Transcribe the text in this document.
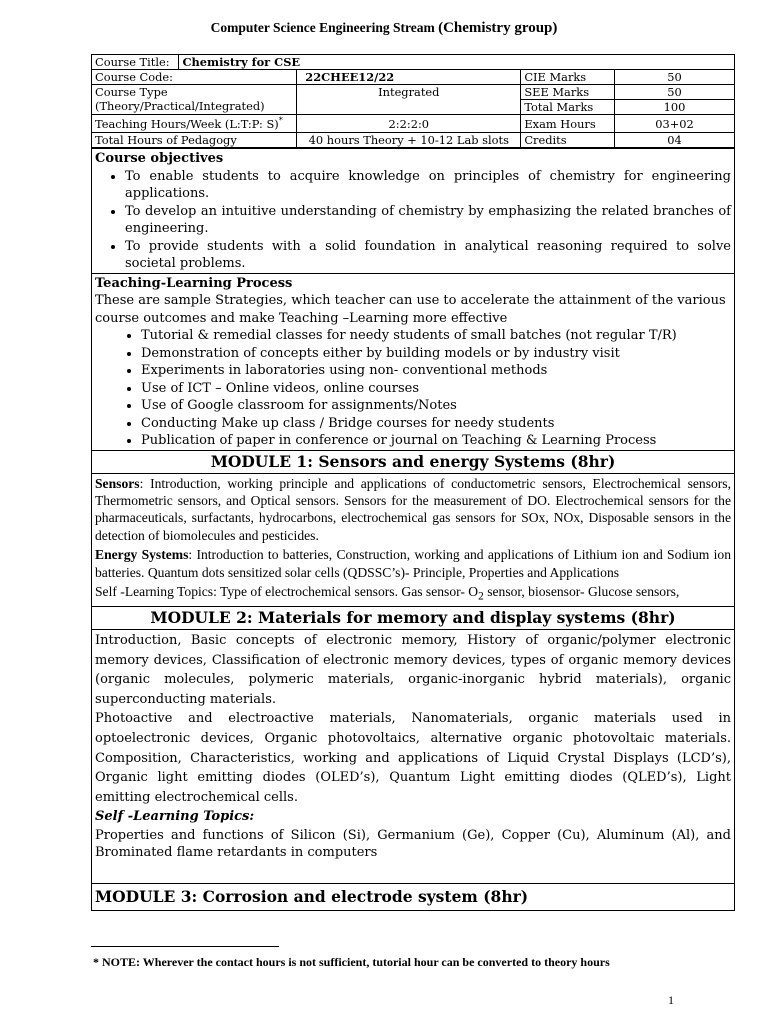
Computer Science Engineering Stream (Chemistry group)
Course Title:	Chemistry for CSE			
Course Code:		22CHEE12/22	CIE Marks	50

Course Type
(Theory/Practical/Integrated)		Integrated	SEE Marks	50
			Total Marks	100
Teaching Hours/Week (L:T:P: S)*		2:2:2:0	Exam Hours	03+02
Total Hours of Pedagogy		40 hours Theory + 10-12 Lab slots	Credits	04
Course objectives
• To enable students to acquire knowledge on principles of chemistry for engineering applications.
• To develop an intuitive understanding of chemistry by emphasizing the related branches of engineering.
• To provide students with a solid foundation in analytical reasoning required to solve societal problems.
Teaching-Learning Process
These are sample Strategies, which teacher can use to accelerate the attainment of the various course outcomes and make Teaching –Learning more effective
• Tutorial & remedial classes for needy students of small batches (not regular T/R)
• Demonstration of concepts either by building models or by industry visit
• Experiments in laboratories using non- conventional methods
• Use of ICT – Online videos, online courses
• Use of Google classroom for assignments/Notes
• Conducting Make up class / Bridge courses for needy students
• Publication of paper in conference or journal on Teaching & Learning Process
MODULE 1: Sensors and energy Systems (8hr)

Sensors: Introduction, working principle and applications of conductometric sensors, Electrochemical sensors, Thermometric sensors, and Optical sensors. Sensors for the measurement of DO. Electrochemical sensors for the pharmaceuticals, surfactants, hydrocarbons, electrochemical gas sensors for SOx, NOx, Disposable sensors in the detection of biomolecules and pesticides.

Energy Systems: Introduction to batteries, Construction, working and applications of Lithium ion and Sodium ion batteries. Quantum dots sensitized solar cells (QDSSC’s)- Principle, Properties and Applications

Self -Learning Topics: Type of electrochemical sensors. Gas sensor- $O_2$ sensor, biosensor- Glucose sensors,

MODULE 2: Materials for memory and display systems (8hr)

Introduction, Basic concepts of electronic memory, History of organic/polymer electronic memory devices, Classification of electronic memory devices, types of organic memory devices (organic molecules, polymeric materials, organic-inorganic hybrid materials), organic superconducting materials.

Photoactive and electroactive materials, Nanomaterials, organic materials used in optoelectronic devices, Organic photovoltaics, alternative organic photovoltaic materials. Composition, Characteristics, working and applications of Liquid Crystal Displays (LCD’s), Organic light emitting diodes (OLED’s), Quantum Light emitting diodes (QLED’s), Light emitting electrochemical cells.

Self -Learning Topics:

Properties and functions of Silicon (Si), Germanium (Ge), Copper (Cu), Aluminum (Al), and Brominated flame retardants in computers

MODULE 3: Corrosion and electrode system (8hr)
* NOTE: Wherever the contact hours is not sufficient, tutorial hour can be converted to theory hours
1
